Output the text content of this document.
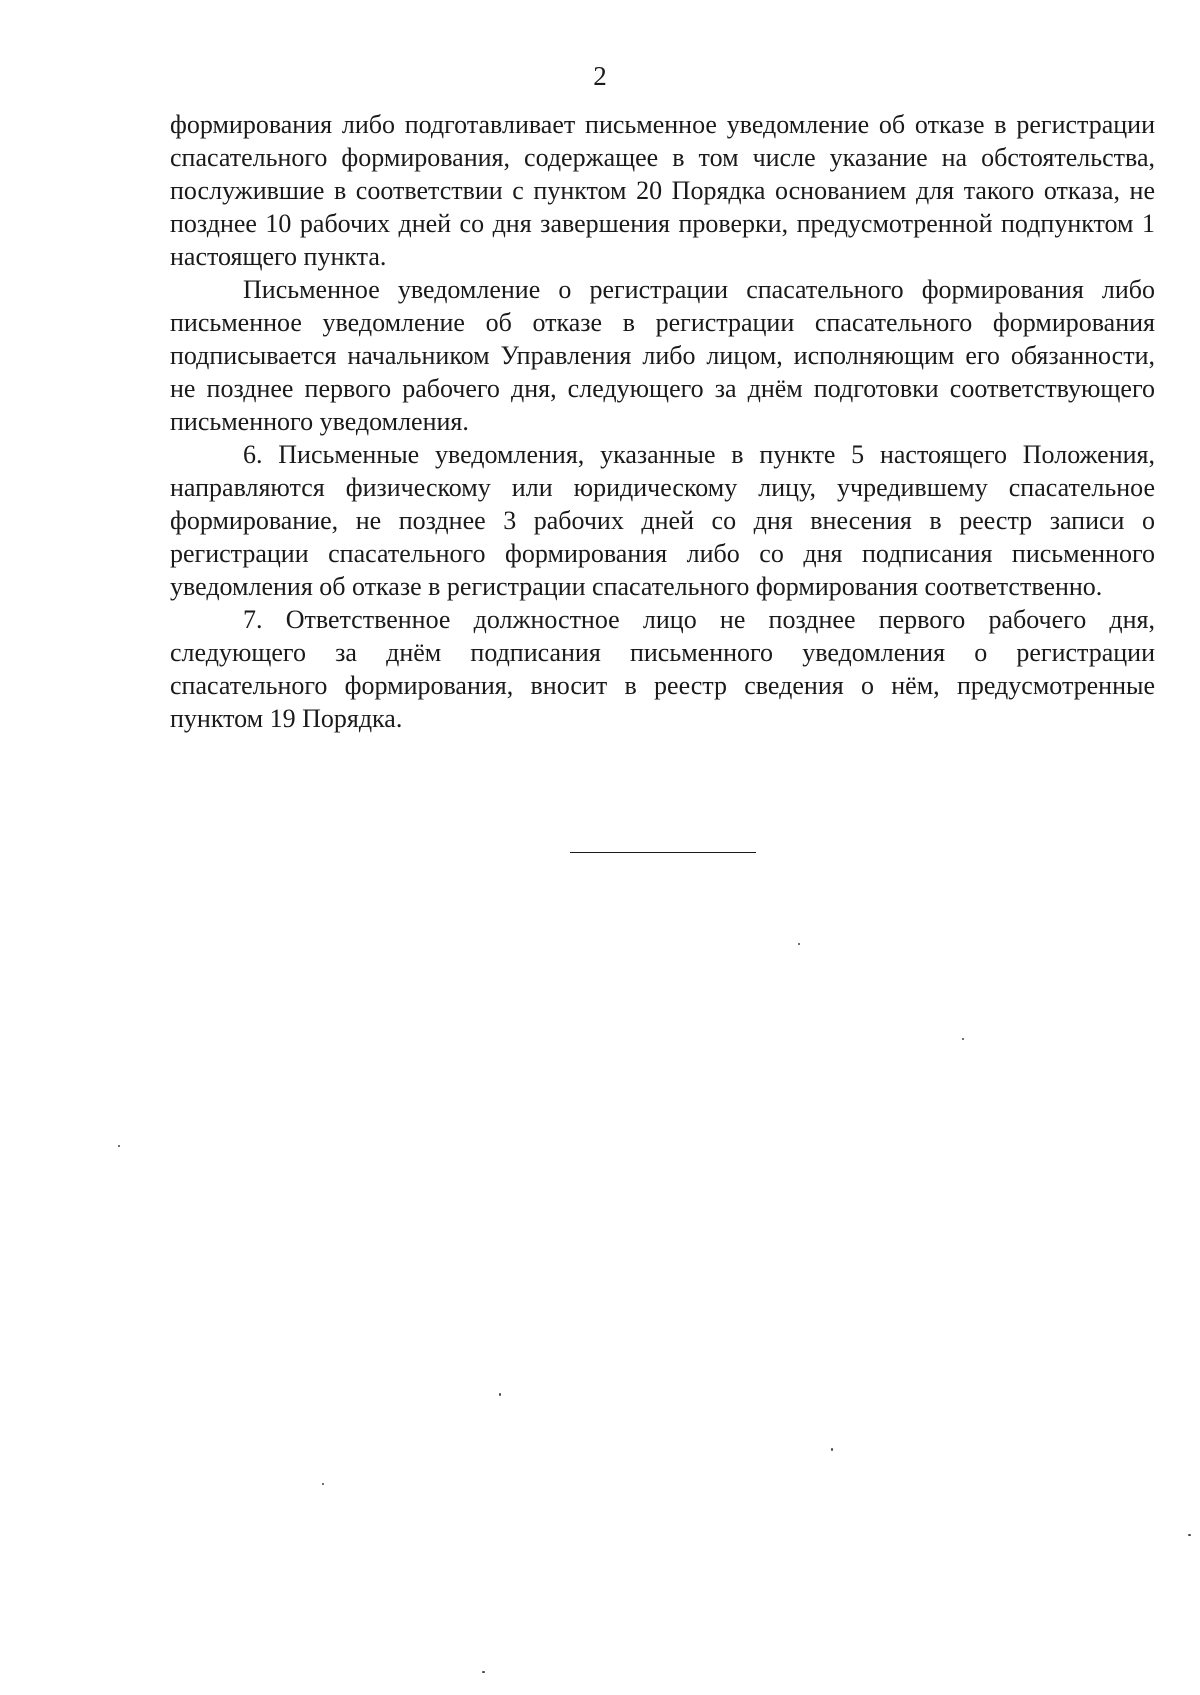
2

формирования либо подготавливает письменное уведомление об отказе в регистрации спасательного формирования, содержащее в том числе указание на обстоятельства, послужившие в соответствии с пунктом 20 Порядка основанием для такого отказа, не позднее 10 рабочих дней со дня завершения проверки, предусмотренной подпунктом 1 настоящего пункта.

Письменное уведомление о регистрации спасательного формирования либо письменное уведомление об отказе в регистрации спасательного формирования подписывается начальником Управления либо лицом, исполняющим его обязанности, не позднее первого рабочего дня, следующего за днём подготовки соответствующего письменного уведомления.

6. Письменные уведомления, указанные в пункте 5 настоящего Положения, направляются физическому или юридическому лицу, учредившему спасательное формирование, не позднее 3 рабочих дней со дня внесения в реестр записи о регистрации спасательного формирования либо со дня подписания письменного уведомления об отказе в регистрации спасательного формирования соответственно.

7. Ответственное должностное лицо не позднее первого рабочего дня, следующего за днём подписания письменного уведомления о регистрации спасательного формирования, вносит в реестр сведения о нём, предусмотренные пунктом 19 Порядка.
